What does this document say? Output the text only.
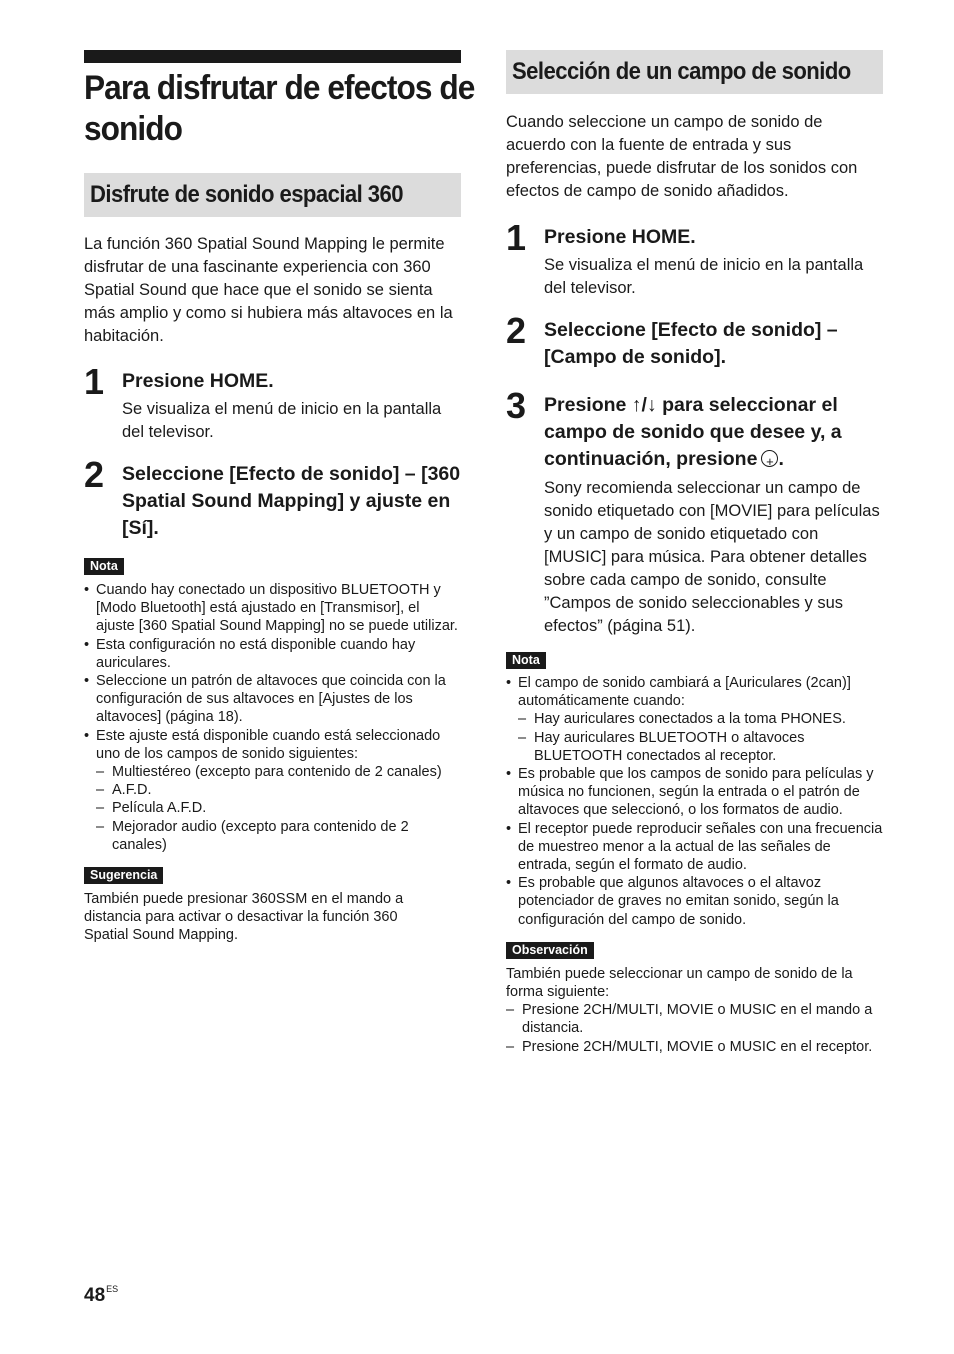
Para disfrutar de efectos de sonido
Disfrute de sonido espacial 360

La función 360 Spatial Sound Mapping le permite disfrutar de una fascinante experiencia con 360 Spatial Sound que hace que el sonido se sienta más amplio y como si hubiera más altavoces en la habitación.

1 Presione HOME.

Se visualiza el menú de inicio en la pantalla del televisor.

2 Seleccione [Efecto de sonido] – [360 Spatial Sound Mapping] y ajuste en [Sí].

Nota
• Cuando hay conectado un dispositivo BLUETOOTH y [Modo Bluetooth] está ajustado en [Transmisor], el ajuste [360 Spatial Sound Mapping] no se puede utilizar.
• Esta configuración no está disponible cuando hay auriculares.
• Seleccione un patrón de altavoces que coincida con la configuración de sus altavoces en [Ajustes de los altavoces] (página 18).
• Este ajuste está disponible cuando está seleccionado uno de los campos de sonido siguientes:
– Multiestéreo (excepto para contenido de 2 canales)
– A.F.D.
– Película A.F.D.
– Mejorador audio (excepto para contenido de 2 canales)
Sugerencia

También puede presionar 360SSM en el mando a distancia para activar o desactivar la función 360 Spatial Sound Mapping.

Selección de un campo de sonido

Cuando seleccione un campo de sonido de acuerdo con la fuente de entrada y sus preferencias, puede disfrutar de los sonidos con efectos de campo de sonido añadidos.

1 Presione HOME.

Se visualiza el menú de inicio en la pantalla del televisor.

2 Seleccione [Efecto de sonido] – [Campo de sonido].

3 Presione ↑/↓ para seleccionar el campo de sonido que desee y, a continuación, presione+ .

Sony recomienda seleccionar un campo de sonido etiquetado con [MOVIE] para películas y un campo de sonido etiquetado con [MUSIC] para música. Para obtener detalles sobre cada campo de sonido, consulte ”Campos de sonido seleccionables y sus efectos” (página 51).

Nota
• El campo de sonido cambiará a [Auriculares (2can)] automáticamente cuando:
– Hay auriculares conectados a la toma PHONES.
– Hay auriculares BLUETOOTH o altavoces BLUETOOTH conectados al receptor.
• Es probable que los campos de sonido para películas y música no funcionen, según la entrada o el patrón de altavoces que seleccionó, o los formatos de audio.
• El receptor puede reproducir señales con una frecuencia de muestreo menor a la actual de las señales de entrada, según el formato de audio.
• Es probable que algunos altavoces o el altavoz potenciador de graves no emitan sonido, según la configuración del campo de sonido.
Observación

También puede seleccionar un campo de sonido de la forma siguiente:

– Presione 2CH/MULTI, MOVIE o MUSIC en el mando a distancia.
– Presione 2CH/MULTI, MOVIE o MUSIC en el receptor.
$48^{ES}$
